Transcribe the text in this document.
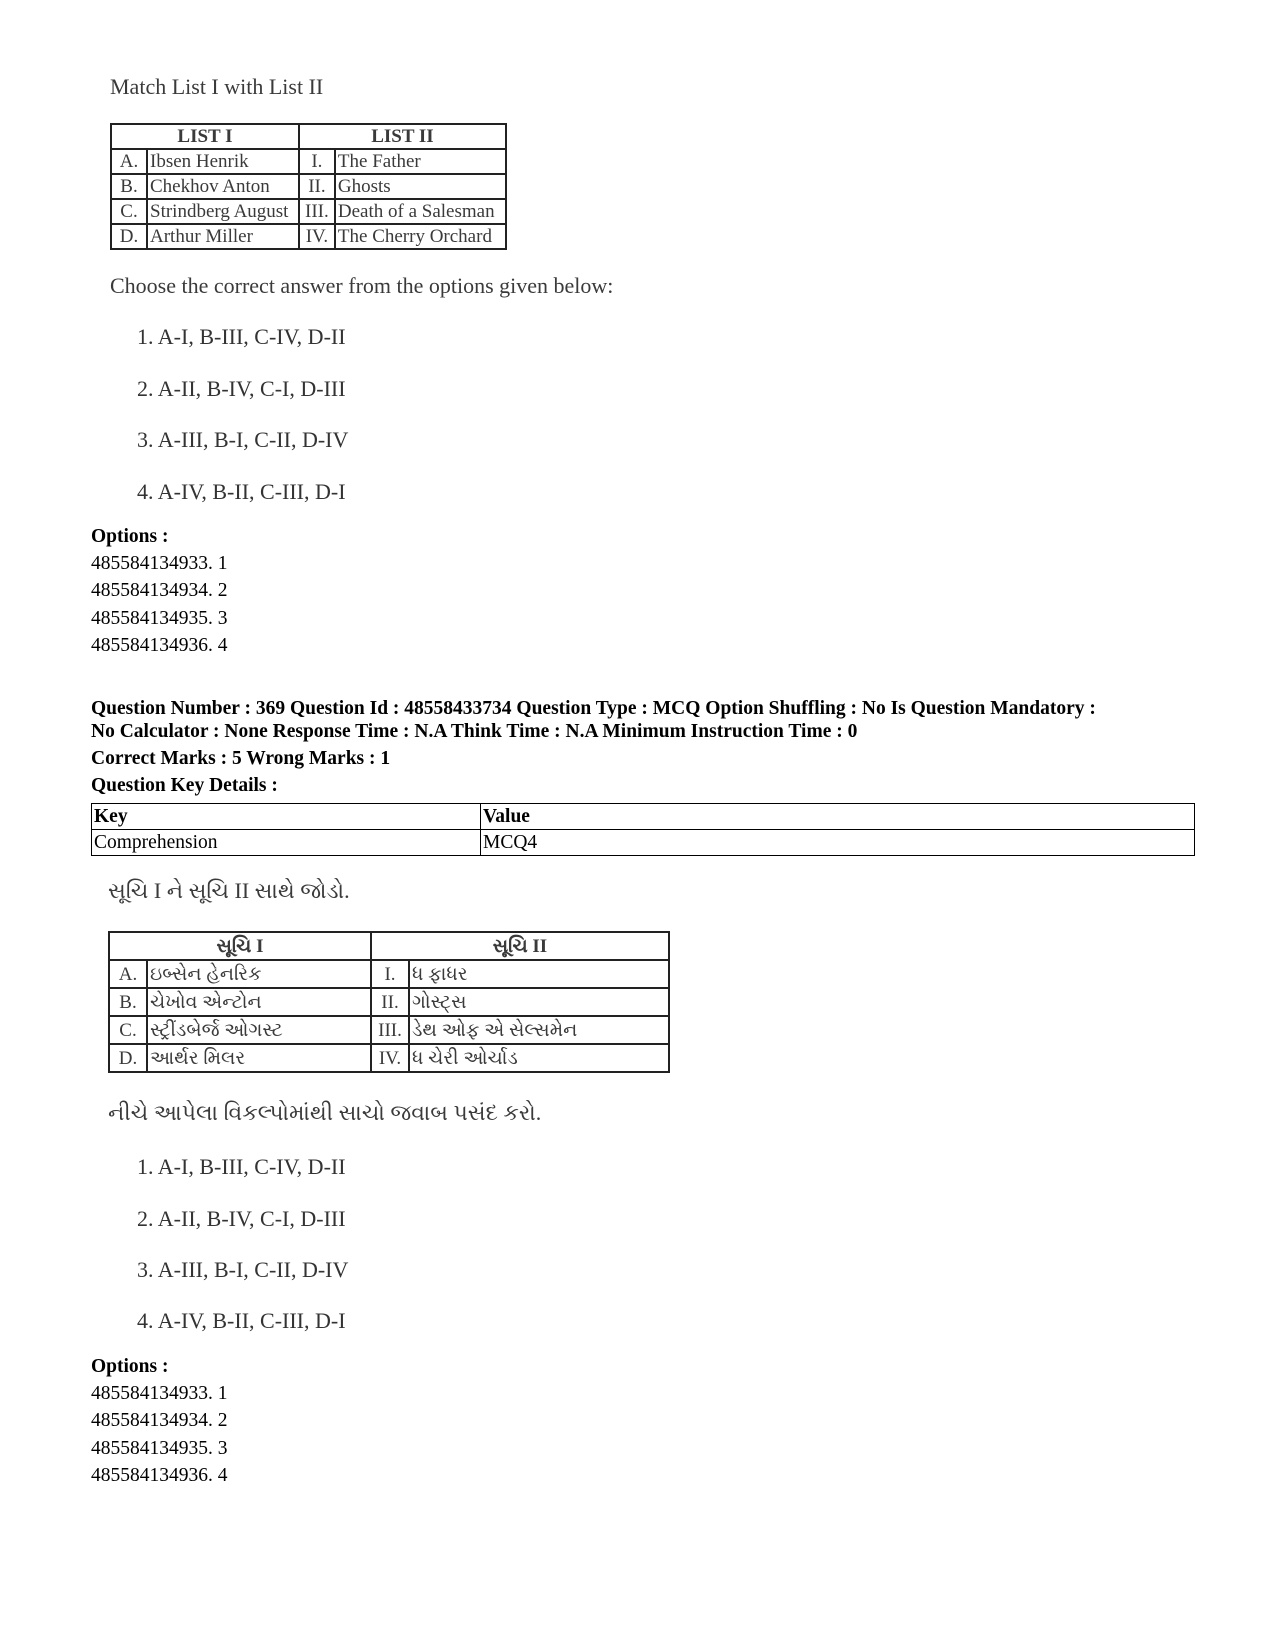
Match List I with List II
LIST I		LIST II	
A.	Ibsen Henrik	I.	The Father
B.	Chekhov Anton	II.	Ghosts
C.	Strindberg August	III.	Death of a Salesman
D.	Arthur Miller	IV.	The Cherry Orchard
Choose the correct answer from the options given below:
1. A-I, B-III, C-IV, D-II
2. A-II, B-IV, C-I, D-III
3. A-III, B-I, C-II, D-IV
4. A-IV, B-II, C-III, D-I
Options :
485584134933. 1
485584134934. 2
485584134935. 3
485584134936. 4
Question Number : 369 Question Id : 48558433734 Question Type : MCQ Option Shuffling : No Is Question Mandatory :
No Calculator : None Response Time : N.A Think Time : N.A Minimum Instruction Time : 0
Correct Marks : 5 Wrong Marks : 1
Question Key Details :
Key	Value
Comprehension	MCQ4
સૂચિ I ને સૂચિ II સાથે જોડો.
સૂચિ I		સૂચિ II	
A.	ઇબ્સેન હેનરિક	I.	ધ ફાધર
B.	ચેખોવ એન્ટોન	II.	ગોસ્ટ્સ
C.	સ્ટ્રીંડબેર્જ ઓગસ્ટ	III.	ડેથ ઓફ એ સેલ્સમેન
D.	આર્થર મિલર	IV.	ધ ચેરી ઓર્ચાડ
નીચે આપેલા વિકલ્પોમાંથી સાચો જવાબ પસંદ કરો.
1. A-I, B-III, C-IV, D-II
2. A-II, B-IV, C-I, D-III
3. A-III, B-I, C-II, D-IV
4. A-IV, B-II, C-III, D-I
Options :
485584134933. 1
485584134934. 2
485584134935. 3
485584134936. 4
